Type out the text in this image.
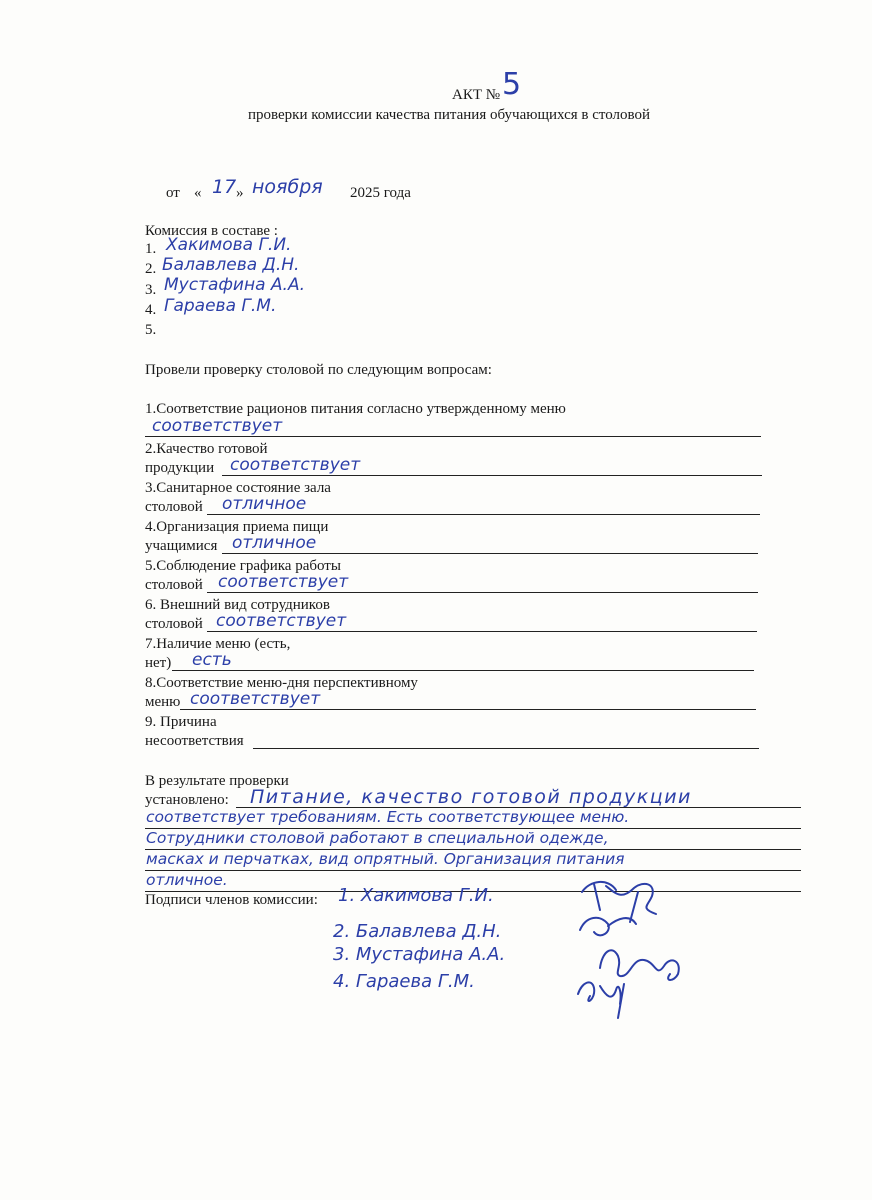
АКТ № 5
проверки комиссии качества питания обучающихся в столовой
от « 17 » ноября 2025 года
Комиссия в составе :
1. Хакимова Г.И.
2. Балавлева Д.Н.
3. Мустафина А.А.
4. Гараева Г.М.
5.
Провели проверку столовой по следующим вопросам:
1.Соответствие рационов питания согласно утвержденному меню
соответствует
2.Качество готовой
продукции соответствует
3.Санитарное состояние зала
столовой отличное
4.Организация приема пищи
учащимися отличное
5.Соблюдение графика работы
столовой соответствует
6. Внешний вид сотрудников
столовой соответствует
7.Наличие меню (есть,
нет) есть
8.Соответствие меню-дня перспективному
меню соответствует
9. Причина
несоответствия
В результате проверки
установлено: Питание, качество готовой продукции
соответствует требованиям. Есть соответствующее меню.
Сотрудники столовой работают в специальной одежде,
масках и перчатках, вид опрятный. Организация питания
отличное.
Подписи членов комиссии: 1. Хакимова Г.И.
2. Балавлева Д.Н.
3. Мустафина А.А.
4. Гараева Г.М.
